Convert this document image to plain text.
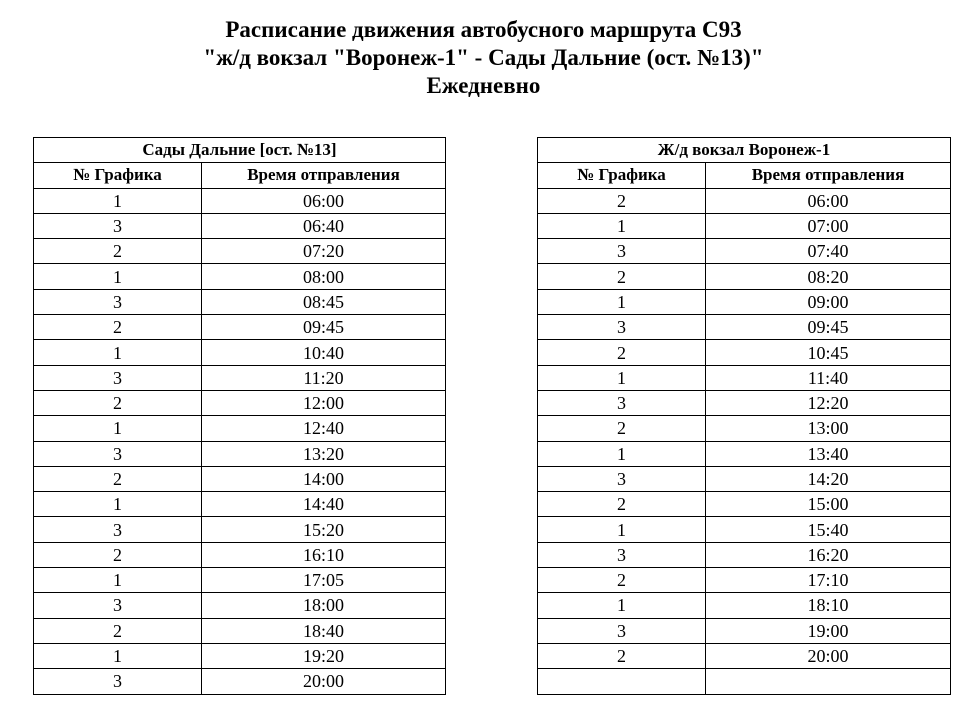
Расписание движения автобусного маршрута С93
"ж/д вокзал "Воронеж-1" - Сады Дальние (ост. №13)"
Ежедневно
Сады Дальние [ост. №13]	
№ Графика	Время отправления
1	06:00
3	06:40
2	07:20
1	08:00
3	08:45
2	09:45
1	10:40
3	11:20
2	12:00
1	12:40
3	13:20
2	14:00
1	14:40
3	15:20
2	16:10
1	17:05
3	18:00
2	18:40
1	19:20
3	20:00
Ж/д вокзал Воронеж-1	
№ Графика	Время отправления
2	06:00
1	07:00
3	07:40
2	08:20
1	09:00
3	09:45
2	10:45
1	11:40
3	12:20
2	13:00
1	13:40
3	14:20
2	15:00
1	15:40
3	16:20
2	17:10
1	18:10
3	19:00
2	20:00
